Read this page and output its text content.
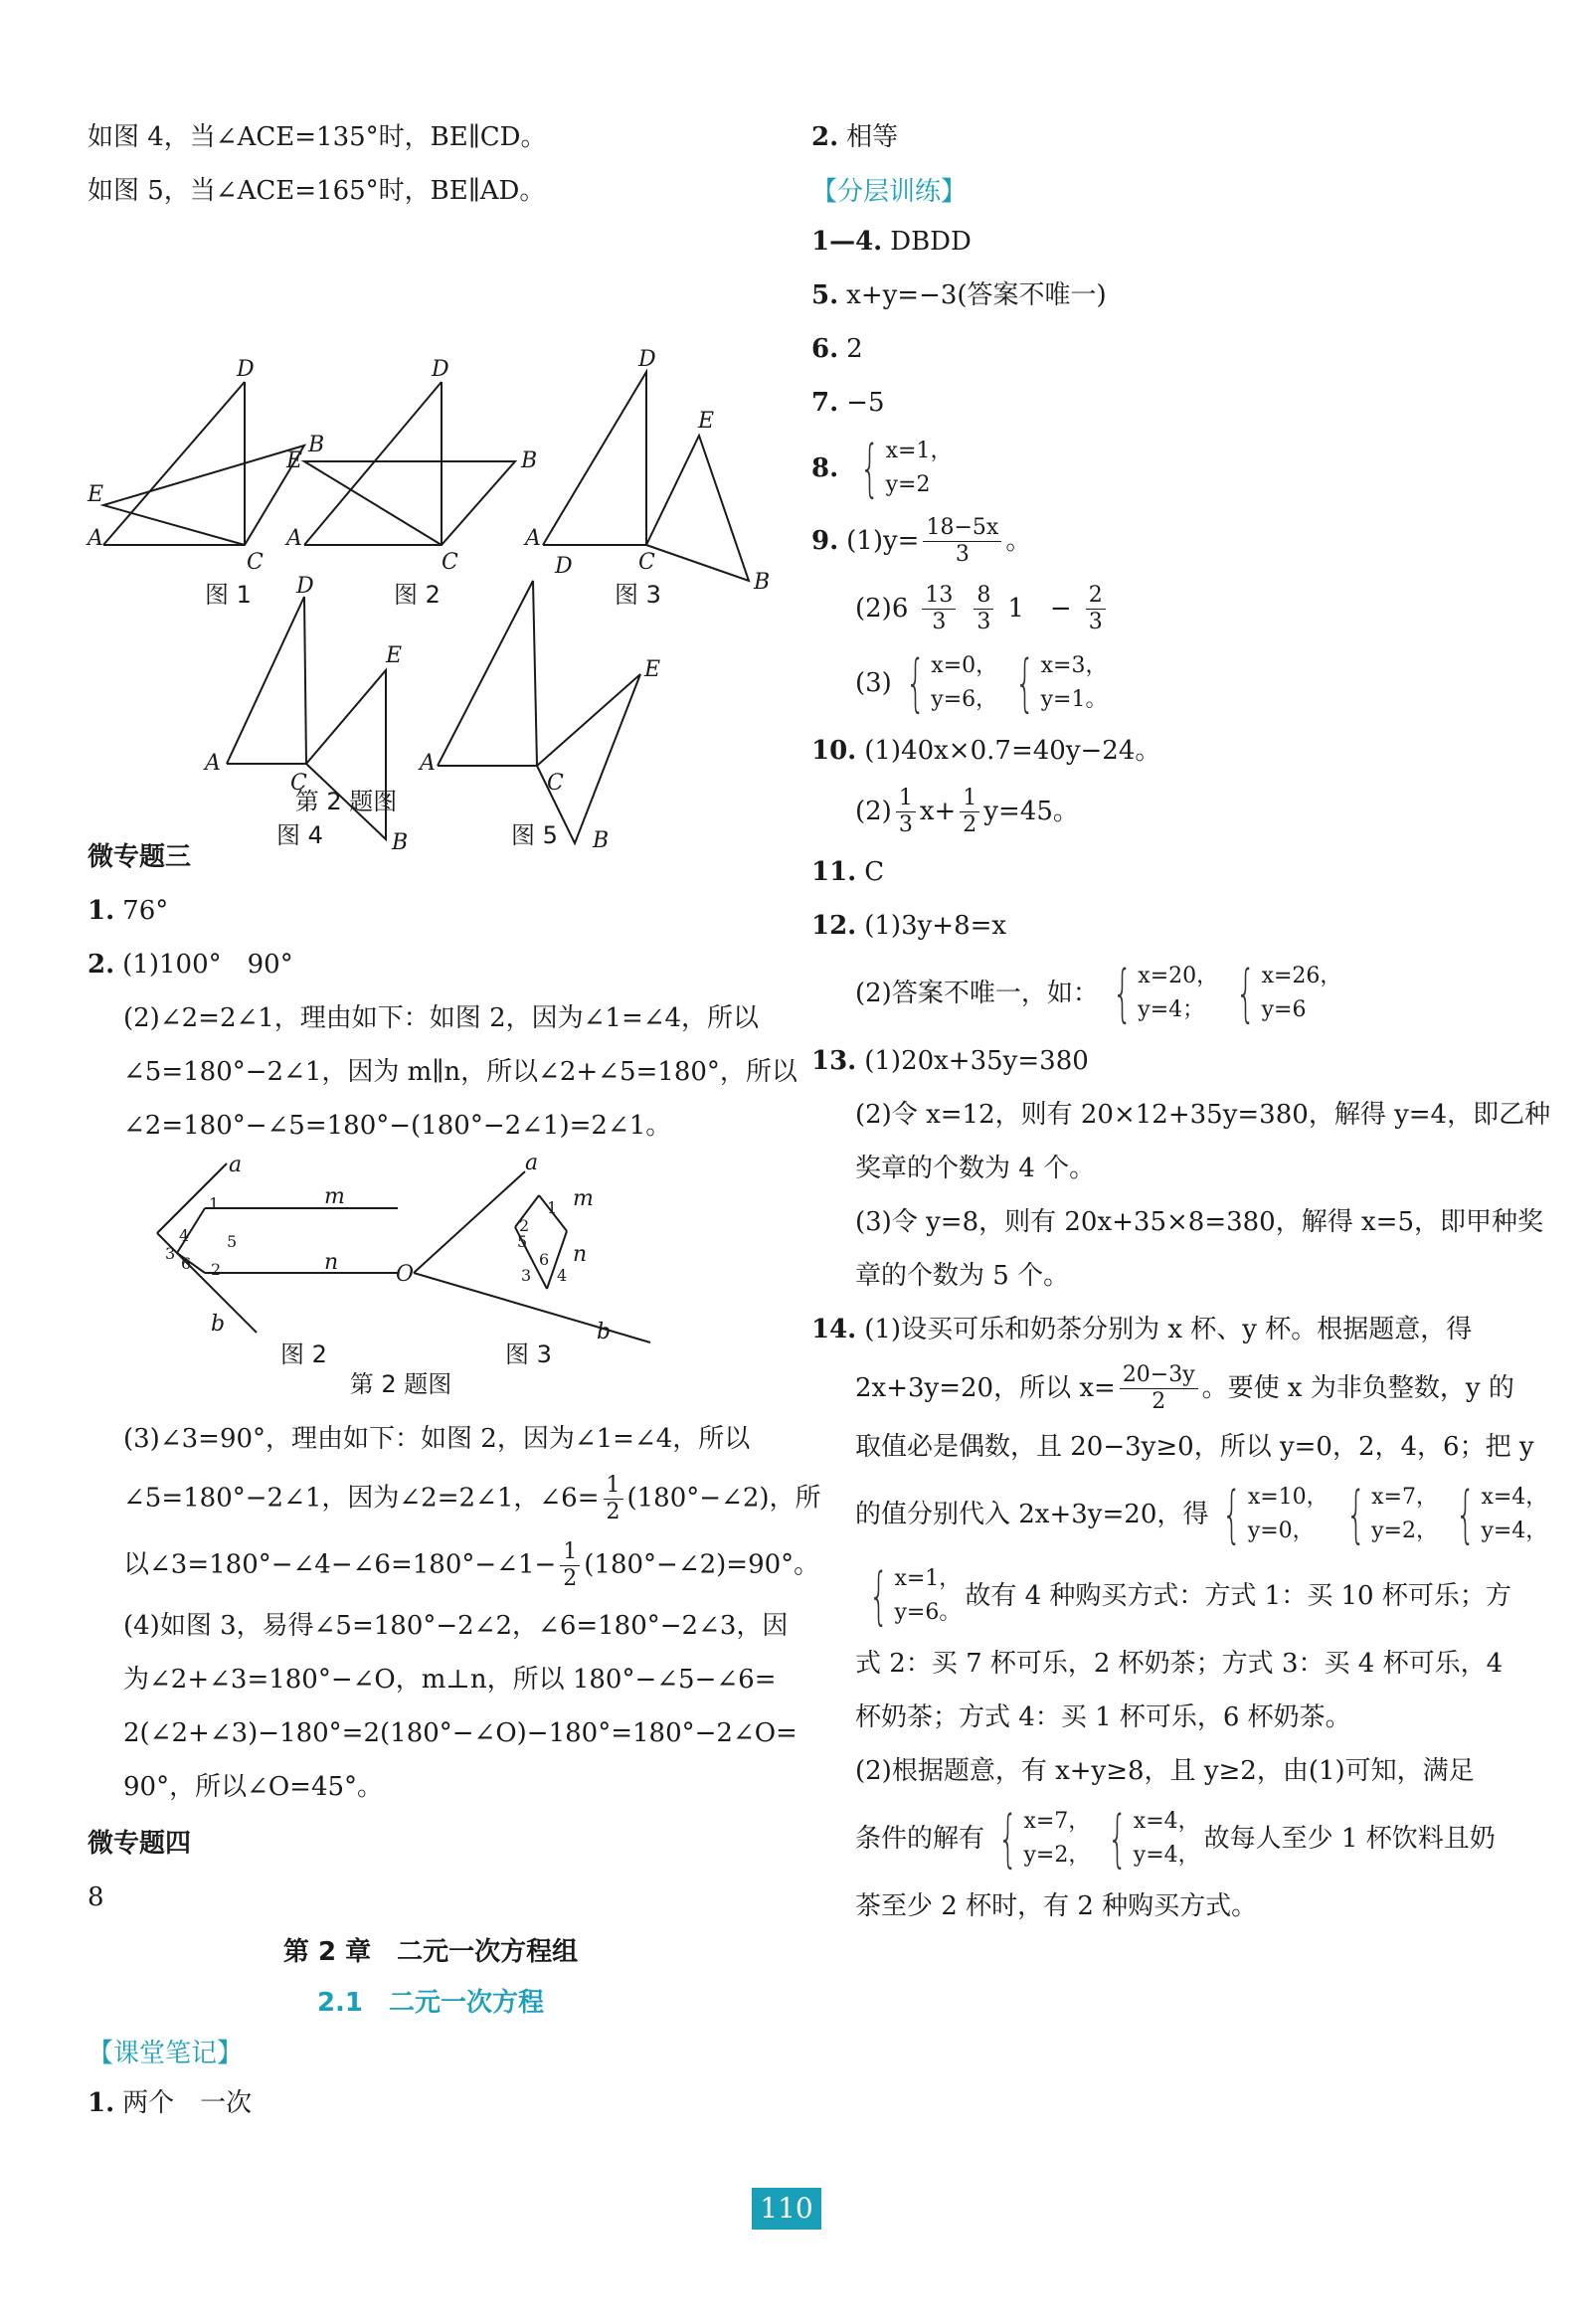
如图 4，当∠ACE=135°时，BE∥CD。
如图 5，当∠ACE=165°时，BE∥AD。
D
B
E
A
C
D
B
E
A
C
D
E
B
A
C
D
E
A
C
B
D
E
A
C
B
图 1	图 2	图 3
图 4	图 5
第 2 题图
微专题三
1. 76°
2. (1)100°　90°
(2)∠2=2∠1，理由如下：如图 2，因为∠1=∠4，所以
∠5=180°−2∠1，因为 m∥n，所以∠2+∠5=180°，所以
∠2=180°−∠5=180°−(180°−2∠1)=2∠1。
a
m
n
b
O
a
m
n
b
1
2
3
4 5
6
1
2
3 4
5
6
图 2	图 3
第 2 题图
(3)∠3=90°，理由如下：如图 2，因为∠1=∠4，所以
∠5=180°−2∠1，因为∠2=2∠1，∠6= $\frac{1}{2}$ (180°−∠2)，所
以∠3=180°−∠4−∠6=180°−∠1− $\frac{1}{2}$ (180°−∠2)=90°。
(4)如图 3，易得∠5=180°−2∠2，∠6=180°−2∠3，因
为∠2+∠3=180°−∠O，m⊥n，所以 180°−∠5−∠6=
2(∠2+∠3)−180°=2(180°−∠O)−180°=180°−2∠O=
90°，所以∠O=45°。
微专题四
8
第 2 章　二元一次方程组
2.1　二元一次方程
【课堂笔记】
1. 两个　一次
2. 相等
【分层训练】
1—4. DBDD
5. x+y=−3(答案不唯一)
6. 2
7. −5
8. { x=1，
y=2
9. $(1)y= \frac{18-5x}{3}$ 。
$(2)6 \frac{13}{3} \frac{8}{3} 1$　− $\frac{2}{3}$
(3) { x=0，
y=6， { x=3，
y=1。
10. (1)40x×0.7=40y−24。
$(2) \frac{1}{3} x+ \frac{1}{2} y=45$。
11. C
12. (1)3y+8=x
(2)答案不唯一，如： { x=20，
y=4； { x=26，
y=6
13. (1)20x+35y=380
(2)令 x=12，则有 20×12+35y=380，解得 y=4，即乙种
奖章的个数为 4 个。
(3)令 y=8，则有 20x+35×8=380，解得 x=5，即甲种奖
章的个数为 5 个。
14. (1)设买可乐和奶茶分别为 x 杯、y 杯。根据题意，得
2x+3y=20，所以 $x= \frac{20-3y}{2}$ 。要使 x 为非负整数，y 的
取值必是偶数，且 20−3y≥0，所以 y=0，2，4，6；把 y
的值分别代入 2x+3y=20，得 { x=10，
y=0， { x=7，
y=2， { x=4，
y=4，
{ x=1，
y=6。
故有 4 种购买方式：方式 1：买 10 杯可乐；方
式 2：买 7 杯可乐，2 杯奶茶；方式 3：买 4 杯可乐，4
杯奶茶；方式 4：买 1 杯可乐，6 杯奶茶。
(2)根据题意，有 x+y≥8，且 y≥2，由(1)可知，满足
条件的解有 { x=7，
y=2， { x=4，
y=4，
故每人至少 1 杯饮料且奶
茶至少 2 杯时，有 2 种购买方式。
110
